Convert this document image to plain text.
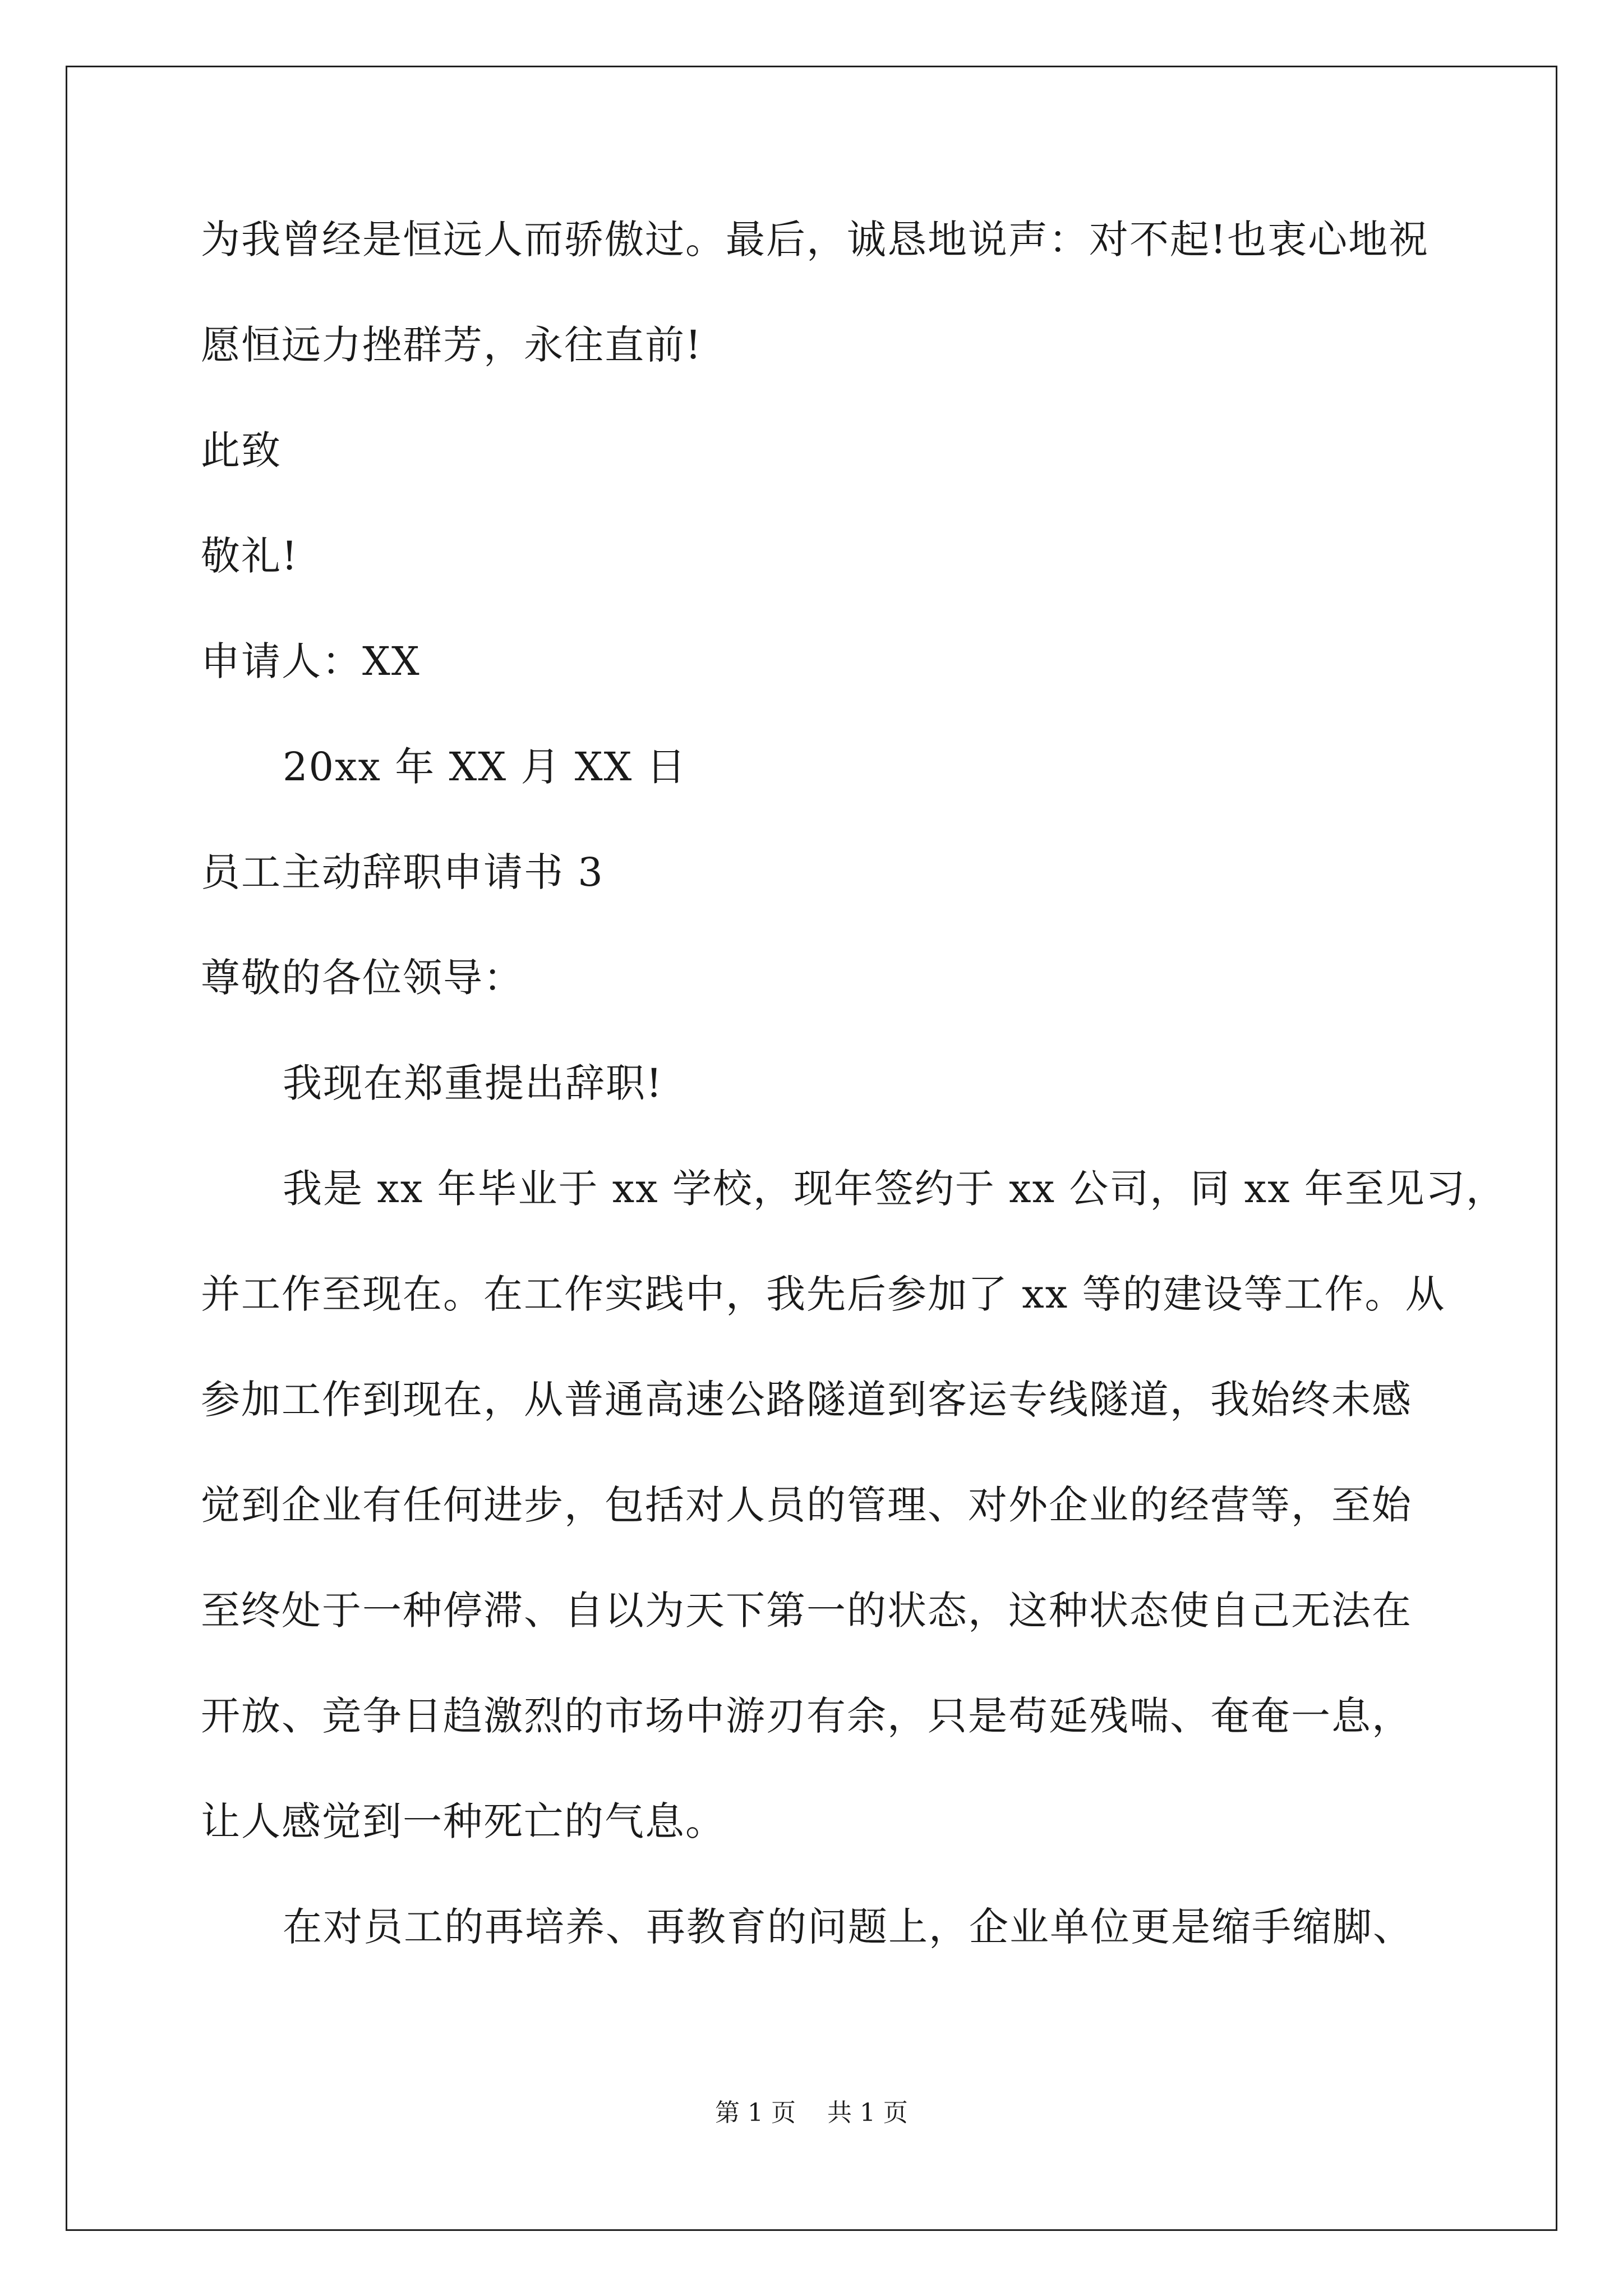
为我曾经是恒远人而骄傲过。最后，诚恳地说声：对不起!也衷心地祝
愿恒远力挫群芳，永往直前!
此致
敬礼!
申请人：XX
20xx 年 XX 月 XX 日
员工主动辞职申请书 3
尊敬的各位领导：
我现在郑重提出辞职!
我是 xx 年毕业于 xx 学校，现年签约于 xx 公司，同 xx 年至见习，
并工作至现在。在工作实践中，我先后参加了 xx 等的建设等工作。从
参加工作到现在，从普通高速公路隧道到客运专线隧道，我始终未感
觉到企业有任何进步，包括对人员的管理、对外企业的经营等，至始
至终处于一种停滞、自以为天下第一的状态，这种状态使自己无法在
开放、竞争日趋激烈的市场中游刃有余，只是苟延残喘、奄奄一息，
让人感觉到一种死亡的气息。
在对员工的再培养、再教育的问题上，企业单位更是缩手缩脚、
第 1 页    共 1 页
